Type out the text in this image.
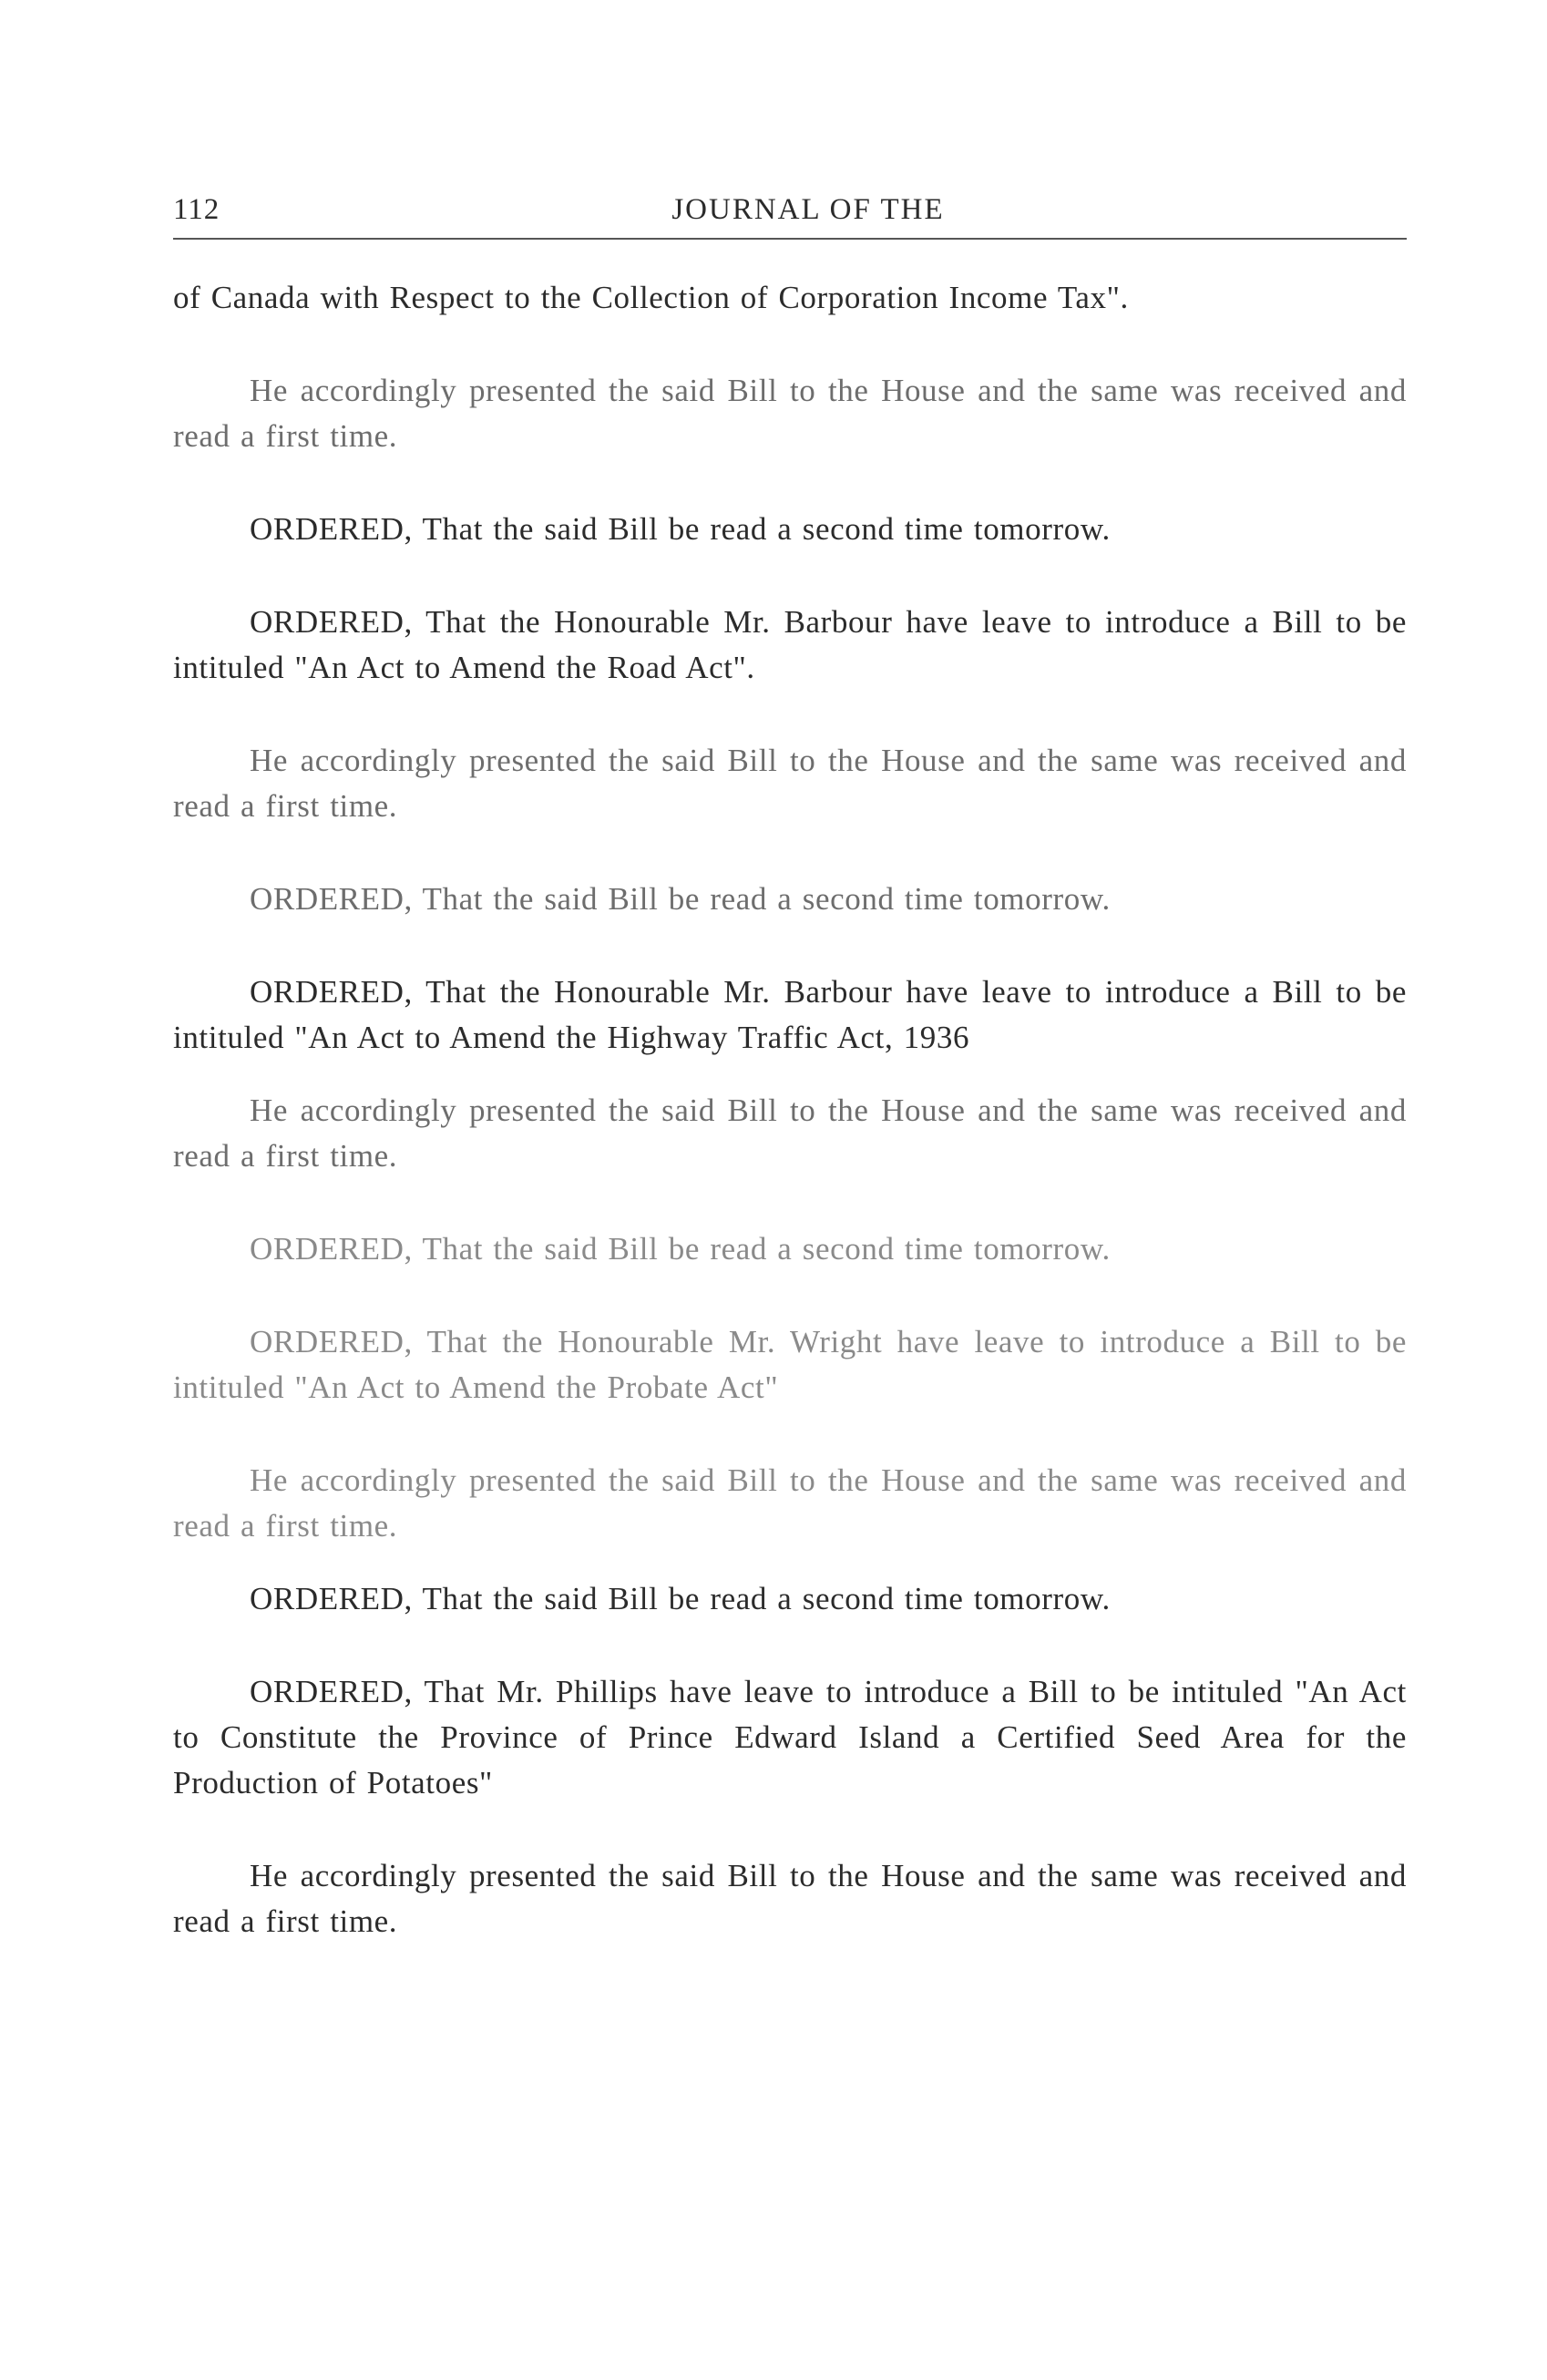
112	JOURNAL OF THE

of Canada with Respect to the Collection of Corporation Income Tax".

He accordingly presented the said Bill to the House and the same was received and read a first time.

ORDERED, That the said Bill be read a second time tomorrow.

ORDERED, That the Honourable Mr. Barbour have leave to introduce a Bill to be intituled "An Act to Amend the Road Act".

He accordingly presented the said Bill to the House and the same was received and read a first time.

ORDERED, That the said Bill be read a second time tomorrow.

ORDERED, That the Honourable Mr. Barbour have leave to introduce a Bill to be intituled "An Act to Amend the Highway Traffic Act, 1936

He accordingly presented the said Bill to the House and the same was received and read a first time.

ORDERED, That the said Bill be read a second time tomorrow.

ORDERED, That the Honourable Mr. Wright have leave to introduce a Bill to be intituled "An Act to Amend the Probate Act"

He accordingly presented the said Bill to the House and the same was received and read a first time.

ORDERED, That the said Bill be read a second time tomorrow.

ORDERED, That Mr. Phillips have leave to introduce a Bill to be intituled "An Act to Constitute the Province of Prince Edward Island a Certified Seed Area for the Production of Potatoes"

He accordingly presented the said Bill to the House and the same was received and read a first time.
